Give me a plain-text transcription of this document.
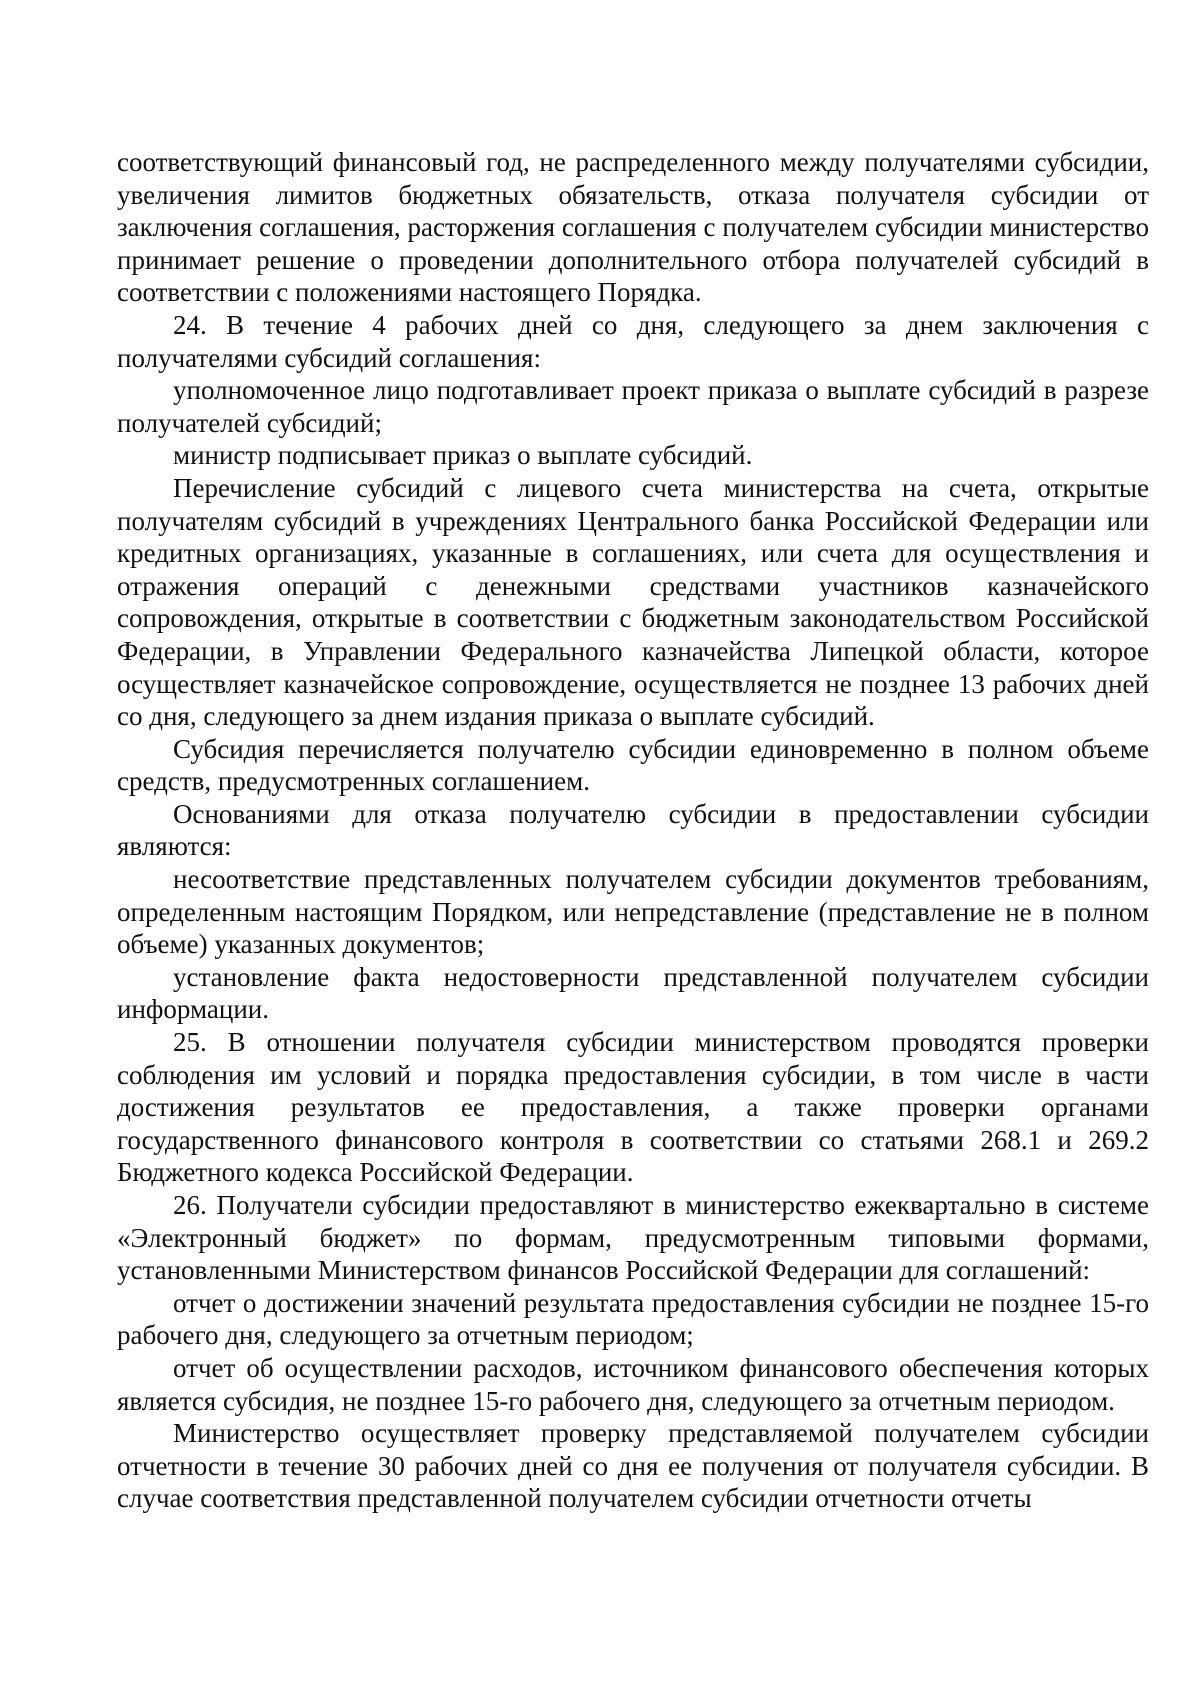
соответствующий финансовый год, не распределенного между получателями субсидии, увеличения лимитов бюджетных обязательств, отказа получателя субсидии от заключения соглашения, расторжения соглашения с получателем субсидии министерство принимает решение о проведении дополнительного отбора получателей субсидий в соответствии с положениями настоящего Порядка.

24. В течение 4 рабочих дней со дня, следующего за днем заключения с получателями субсидий соглашения:

уполномоченное лицо подготавливает проект приказа о выплате субсидий в разрезе получателей субсидий;

министр подписывает приказ о выплате субсидий.

Перечисление субсидий с лицевого счета министерства на счета, открытые получателям субсидий в учреждениях Центрального банка Российской Федерации или кредитных организациях, указанные в соглашениях, или счета для осуществления и отражения операций с денежными средствами участников казначейского сопровождения, открытые в соответствии с бюджетным законодательством Российской Федерации, в Управлении Федерального казначейства Липецкой области, которое осуществляет казначейское сопровождение, осуществляется не позднее 13 рабочих дней со дня, следующего за днем издания приказа о выплате субсидий.

Субсидия перечисляется получателю субсидии единовременно в полном объеме средств, предусмотренных соглашением.

Основаниями для отказа получателю субсидии в предоставлении субсидии являются:

несоответствие представленных получателем субсидии документов требованиям, определенным настоящим Порядком, или непредставление (представление не в полном объеме) указанных документов;

установление факта недостоверности представленной получателем субсидии информации.

25. В отношении получателя субсидии министерством проводятся проверки соблюдения им условий и порядка предоставления субсидии, в том числе в части достижения результатов ее предоставления, а также проверки органами государственного финансового контроля в соответствии со статьями 268.1 и 269.2 Бюджетного кодекса Российской Федерации.

26. Получатели субсидии предоставляют в министерство ежеквартально в системе «Электронный бюджет» по формам, предусмотренным типовыми формами, установленными Министерством финансов Российской Федерации для соглашений:

отчет о достижении значений результата предоставления субсидии не позднее 15-го рабочего дня, следующего за отчетным периодом;

отчет об осуществлении расходов, источником финансового обеспечения которых является субсидия, не позднее 15-го рабочего дня, следующего за отчетным периодом.

Министерство осуществляет проверку представляемой получателем субсидии отчетности в течение 30 рабочих дней со дня ее получения от получателя субсидии. В случае соответствия представленной получателем субсидии отчетности отчеты
